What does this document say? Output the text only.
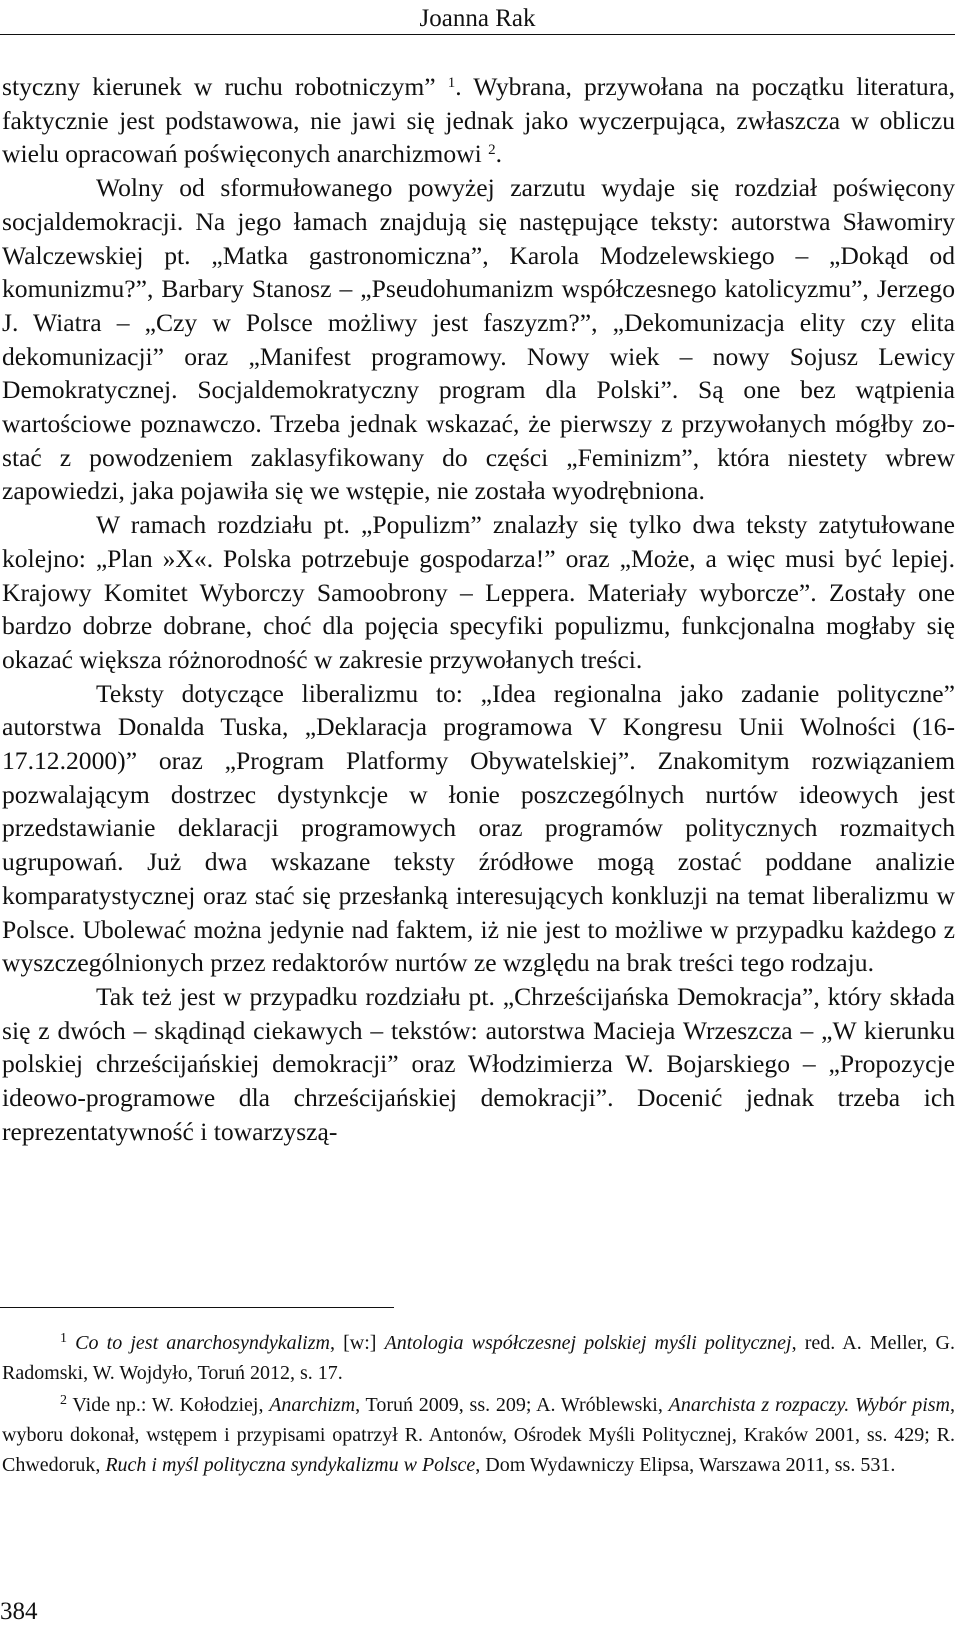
Joanna Rak

styczny kierunek w ruchu robotniczym” $^1$. Wybrana, przywołana na początku literatura, faktycznie jest podstawowa, nie jawi się jednak jako wyczerpująca, zwłaszcza w obliczu wielu opracowań poświęconych anarchizmowi $^2$.

Wolny od sformułowanego powyżej zarzutu wydaje się rozdział poświęcony socjaldemokracji. Na jego łamach znajdują się następujące teksty: autorstwa Sławomiry Walczewskiej pt. „Matka gastronomiczna”, Karola Modzelewskiego – „Dokąd od komunizmu?”, Barbary Stanosz – „Pseudohumanizm współczesnego katolicyzmu”, Jerzego J. Wiatra – „Czy w Polsce możliwy jest faszyzm?”, „Dekomunizacja elity czy elita dekomunizacji” oraz „Manifest programowy. Nowy wiek – nowy Sojusz Lewicy Demokratycznej. Socjaldemokratyczny program dla Polski”. Są one bez wątpienia wartościowe poznawczo. Trzeba jednak wskazać, że pierwszy z przywołanych mógłby zostać z powodzeniem zaklasyfikowany do części „Feminizm”, która niestety wbrew zapowiedzi, jaka pojawiła się we wstępie, nie została wyodrębniona.

W ramach rozdziału pt. „Populizm” znalazły się tylko dwa teksty zatytułowane kolejno: „Plan »X«. Polska potrzebuje gospodarza!” oraz „Może, a więc musi być lepiej. Krajowy Komitet Wyborczy Samoobrony – Leppera. Materiały wyborcze”. Zostały one bardzo dobrze dobrane, choć dla pojęcia specyfiki populizmu, funkcjonalna mogłaby się okazać większa różnorodność w zakresie przywołanych treści.

Teksty dotyczące liberalizmu to: „Idea regionalna jako zadanie polityczne” autorstwa Donalda Tuska, „Deklaracja programowa V Kongresu Unii Wolności (16-17.12.2000)” oraz „Program Platformy Obywatelskiej”. Znakomitym rozwiązaniem pozwalającym dostrzec dystynkcje w łonie poszczególnych nurtów ideowych jest przedstawianie deklaracji programowych oraz programów politycznych rozmaitych ugrupowań. Już dwa wskazane teksty źródłowe mogą zostać poddane analizie komparatystycznej oraz stać się przesłanką interesujących konkluzji na temat liberalizmu w Polsce. Ubolewać można jedynie nad faktem, iż nie jest to możliwe w przypadku każdego z wyszczególnionych przez redaktorów nurtów ze względu na brak treści tego rodzaju.

Tak też jest w przypadku rozdziału pt. „Chrześcijańska Demokracja”, który składa się z dwóch – skądinąd ciekawych – tekstów: autorstwa Macieja Wrzeszcza – „W kierunku polskiej chrześcijańskiej demokracji” oraz Włodzimierza W. Bojarskiego – „Propozycje ideowo-programowe dla chrześcijańskiej demokracji”. Docenić jednak trzeba ich reprezentatywność i towarzyszą-

$^1$ Co to jest anarchosyndykalizm, [w:] Antologia współczesnej polskiej myśli politycznej, red. A. Meller, G. Radomski, W. Wojdyło, Toruń 2012, s. 17.

$^2$ Vide np.: W. Kołodziej, Anarchizm, Toruń 2009, ss. 209; A. Wróblewski, Anarchista z rozpaczy. Wybór pism, wyboru dokonał, wstępem i przypisami opatrzył R. Antonów, Ośrodek Myśli Politycznej, Kraków 2001, ss. 429; R. Chwedoruk, Ruch i myśl polityczna syndykalizmu w Polsce, Dom Wydawniczy Elipsa, Warszawa 2011, ss. 531.

384
